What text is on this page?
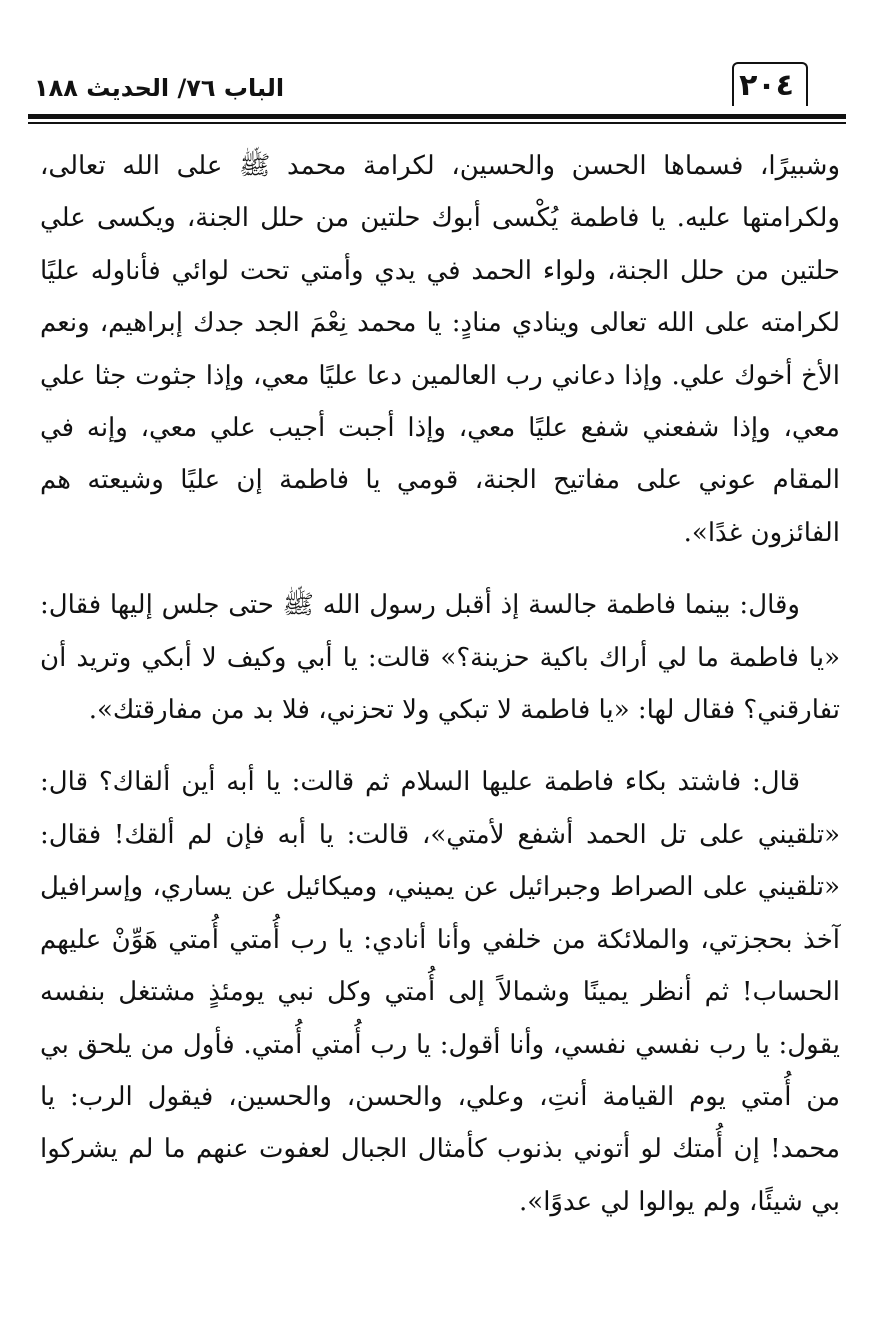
٢٠٤
الباب ٧٦/ الحديث ١٨٨

وشبيرًا، فسماها الحسن والحسين، لكرامة محمد ﷺ على الله تعالى، ولكرامتها عليه. يا فاطمة يُكْسى أبوك حلتين من حلل الجنة، ويكسى علي حلتين من حلل الجنة، ولواء الحمد في يدي وأمتي تحت لوائي فأناوله عليًا لكرامته على الله تعالى وينادي منادٍ: يا محمد نِعْمَ الجد جدك إبراهيم، ونعم الأخ أخوك علي. وإذا دعاني رب العالمين دعا عليًا معي، وإذا جثوت جثا علي معي، وإذا شفعني شفع عليًا معي، وإذا أجبت أجيب علي معي، وإنه في المقام عوني على مفاتيح الجنة، قومي يا فاطمة إن عليًا وشيعته هم الفائزون غدًا».

وقال: بينما فاطمة جالسة إذ أقبل رسول الله ﷺ حتى جلس إليها فقال: «يا فاطمة ما لي أراك باكية حزينة؟» قالت: يا أبي وكيف لا أبكي وتريد أن تفارقني؟ فقال لها: «يا فاطمة لا تبكي ولا تحزني، فلا بد من مفارقتك».

قال: فاشتد بكاء فاطمة عليها السلام ثم قالت: يا أبه أين ألقاك؟ قال: «تلقيني على تل الحمد أشفع لأمتي»، قالت: يا أبه فإن لم ألقك! فقال: «تلقيني على الصراط وجبرائيل عن يميني، وميكائيل عن يساري، وإسرافيل آخذ بحجزتي، والملائكة من خلفي وأنا أنادي: يا رب أُمتي أُمتي هَوِّنْ عليهم الحساب! ثم أنظر يمينًا وشمالاً إلى أُمتي وكل نبي يومئذٍ مشتغل بنفسه يقول: يا رب نفسي نفسي، وأنا أقول: يا رب أُمتي أُمتي. فأول من يلحق بي من أُمتي يوم القيامة أنتِ، وعلي، والحسن، والحسين، فيقول الرب: يا محمد! إن أُمتك لو أتوني بذنوب كأمثال الجبال لعفوت عنهم ما لم يشركوا بي شيئًا، ولم يوالوا لي عدوًا».
